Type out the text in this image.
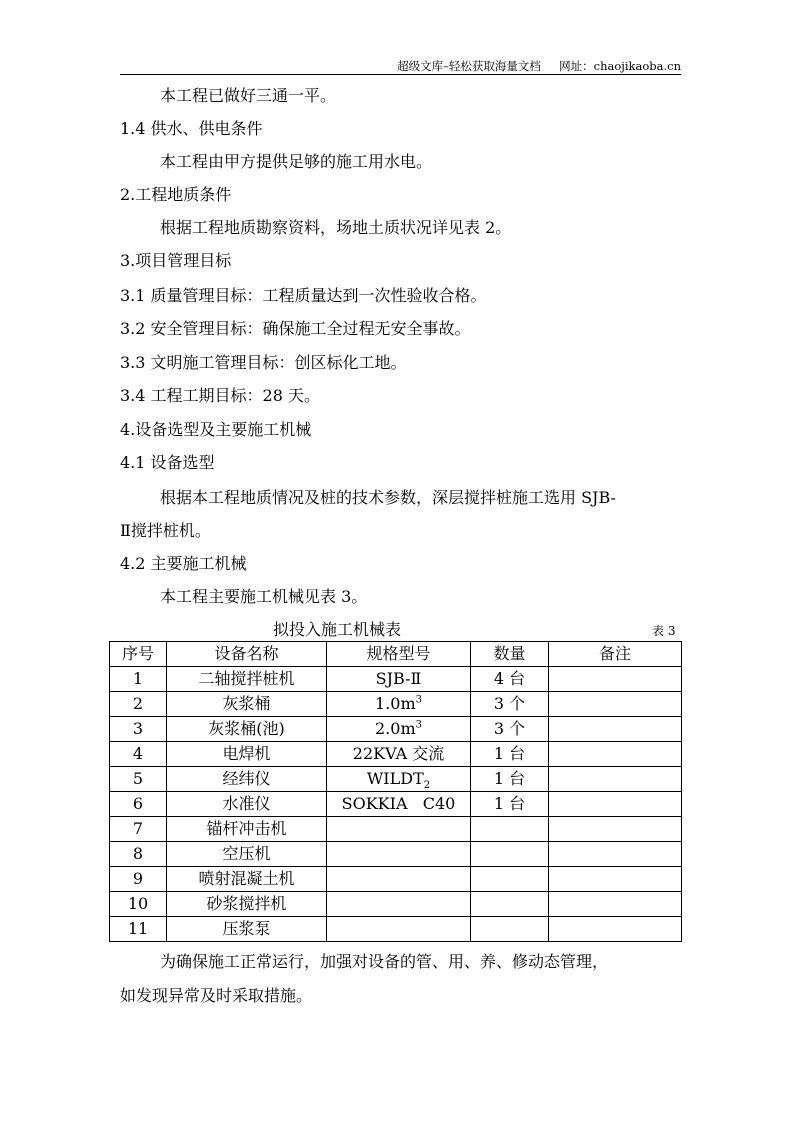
超级文库–轻松获取海量文档 网址：chaojikaoba.cn
本工程已做好三通一平。
1.4 供水、供电条件
本工程由甲方提供足够的施工用水电。
2.工程地质条件
根据工程地质勘察资料，场地土质状况详见表 2。
3.项目管理目标
3.1 质量管理目标：工程质量达到一次性验收合格。
3.2 安全管理目标：确保施工全过程无安全事故。
3.3 文明施工管理目标：创区标化工地。
3.4 工程工期目标：28 天。
4.设备选型及主要施工机械
4.1 设备选型
根据本工程地质情况及桩的技术参数，深层搅拌桩施工选用 SJB-
Ⅱ搅拌桩机。
4.2 主要施工机械
本工程主要施工机械见表 3。
拟投入施工机械表	表 3
序号	设备名称	规格型号	数量	备注
1	二轴搅拌桩机	SJB-Ⅱ	4 台	
2	灰浆桶	$1.0m^3$	3 个	
3	灰浆桶(池)	$2.0m^3$	3 个	
4	电焊机	22KVA 交流	1 台	
5	经纬仪	$WILDT_2$	1 台	
6	水准仪	SOKKIA   C40	1 台	
7	锚杆冲击机			
8	空压机			
9	喷射混凝土机			
10	砂浆搅拌机			
11	压浆泵			
为确保施工正常运行，加强对设备的管、用、养、修动态管理，
如发现异常及时采取措施。
